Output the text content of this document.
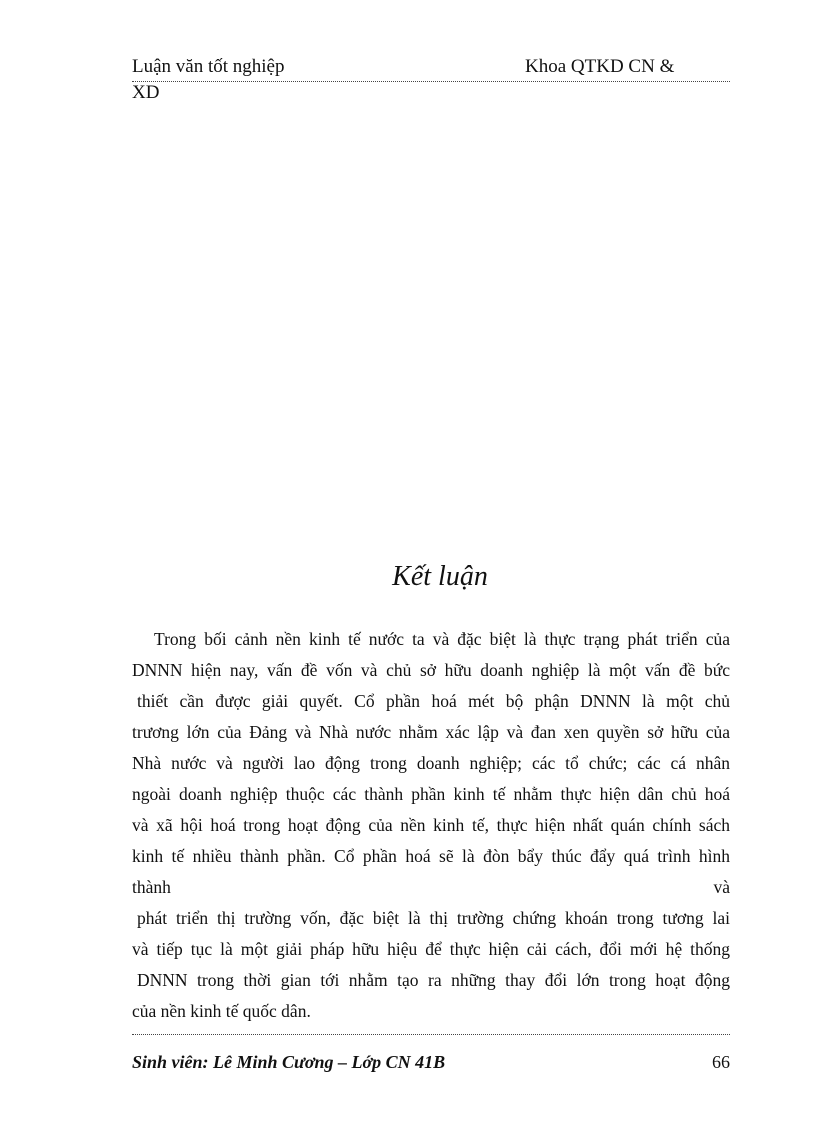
Luận văn tốt nghiệp	Khoa QTKD CN &
XD
Kết luận
Trong bối cảnh nền kinh tế nước ta và đặc biệt là thực trạng phát triển của
DNNN hiện nay, vấn đề vốn và chủ sở hữu doanh nghiệp là một vấn đề bức
thiết cần được giải quyết. Cổ phần hoá mét bộ phận DNNN là một chủ
trương lớn của Đảng và Nhà nước nhằm xác lập và đan xen quyền sở hữu của
Nhà nước và người lao động trong doanh nghiệp; các tổ chức; các cá nhân
ngoài doanh nghiệp thuộc các thành phần kinh tế nhằm thực hiện dân chủ hoá
và xã hội hoá trong hoạt động của nền kinh tế, thực hiện nhất quán chính sách
kinh tế nhiều thành phần. Cổ phần hoá sẽ là đòn bẩy thúc đẩy quá trình hình
thành và
phát triển thị trường vốn, đặc biệt là thị trường chứng khoán trong tương lai
và tiếp tục là một giải pháp hữu hiệu để thực hiện cải cách, đổi mới hệ thống
DNNN trong thời gian tới nhằm tạo ra những thay đổi lớn trong hoạt động
của nền kinh tế quốc dân.
Sinh viên: Lê Minh Cương – Lớp CN 41B	66
